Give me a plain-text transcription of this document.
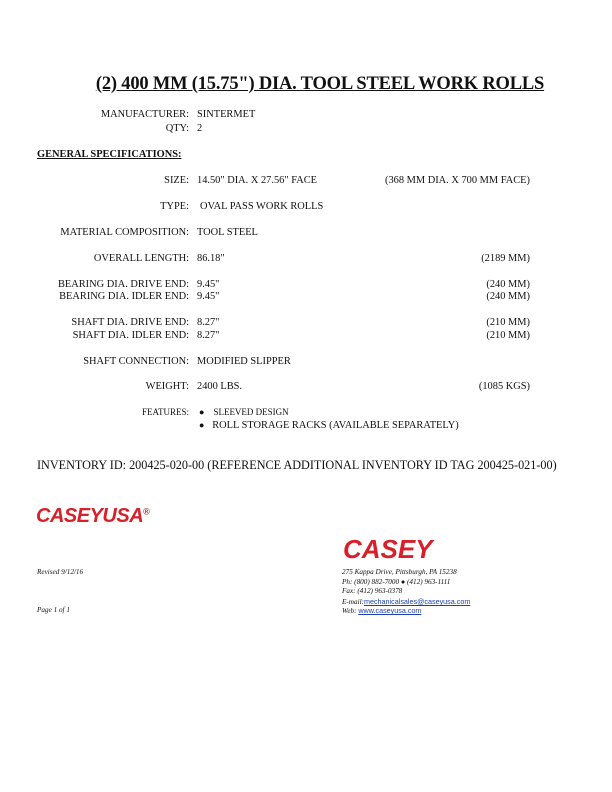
(2) 400 MM (15.75") DIA. TOOL STEEL WORK ROLLS
MANUFACTURER: SINTERMET
QTY: 2
GENERAL SPECIFICATIONS:
SIZE: 14.50" DIA. X 27.56" FACE	(368 MM DIA. X 700 MM FACE)
TYPE: OVAL PASS WORK ROLLS
MATERIAL COMPOSITION: TOOL STEEL
OVERALL LENGTH: 86.18"	(2189 MM)
BEARING DIA. DRIVE END: 9.45"	(240 MM)
BEARING DIA. IDLER END: 9.45"	(240 MM)
SHAFT DIA. DRIVE END: 8.27"	(210 MM)
SHAFT DIA. IDLER END: 8.27"	(210 MM)
SHAFT CONNECTION: MODIFIED SLIPPER
WEIGHT: 2400 LBS.	(1085 KGS)
FEATURES: ● SLEEVED DESIGN
● ROLL STORAGE RACKS (AVAILABLE SEPARATELY)
INVENTORY ID: 200425-020-00 (REFERENCE ADDITIONAL INVENTORY ID TAG 200425-021-00)
CASEYUSA®
CASEY
Revised 9/12/16
Page 1 of 1
275 Kappa Drive, Pittsburgh, PA 15238
Ph: (800) 882-7000 ● (412) 963-1111
Fax: (412) 963-0378
E-mail:mechanicalsales@caseyusa.com
Web: www.caseyusa.com
